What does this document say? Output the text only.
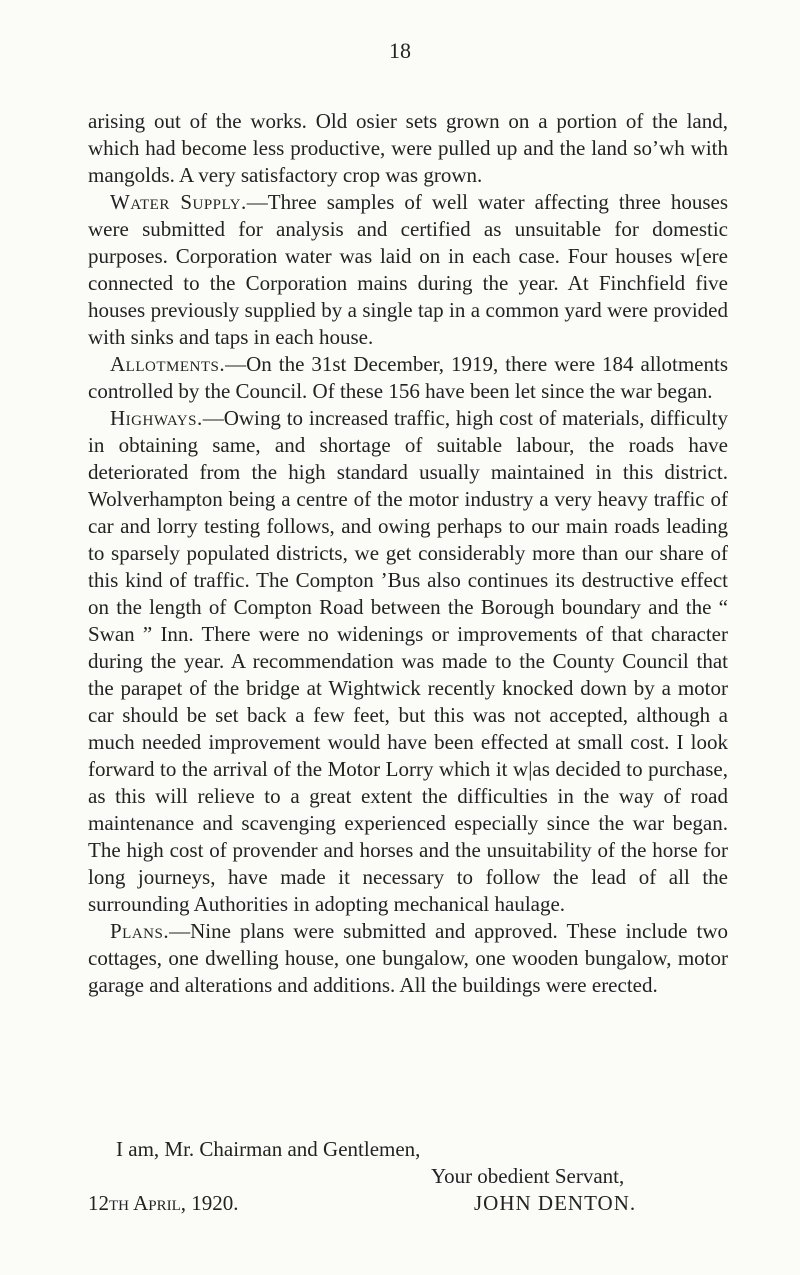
18

arising out of the works. Old osier sets grown on a portion of the land, which had become less productive, were pulled up and the land so’wh with mangolds. A very satisfactory crop was grown.

Water Supply.—Three samples of well water affecting three houses were submitted for analysis and certified as unsuitable for domestic purposes. Corporation water was laid on in each case. Four houses w[ere connected to the Corporation mains during the year. At Finchfield five houses previously supplied by a single tap in a common yard were provided with sinks and taps in each house.

Allotments.—On the 31st December, 1919, there were 184 allotments controlled by the Council. Of these 156 have been let since the war began.

Highways.—Owing to increased traffic, high cost of materials, difficulty in obtaining same, and shortage of suitable labour, the roads have deteriorated from the high standard usually maintained in this district. Wolverhampton being a centre of the motor industry a very heavy traffic of car and lorry testing follows, and owing perhaps to our main roads leading to sparsely populated districts, we get considerably more than our share of this kind of traffic. The Compton ’Bus also continues its destructive effect on the length of Compton Road between the Borough boundary and the “ Swan ” Inn. There were no widenings or improvements of that character during the year. A recommendation was made to the County Council that the parapet of the bridge at Wightwick recently knocked down by a motor car should be set back a few feet, but this was not accepted, although a much needed improvement would have been effected at small cost. I look forward to the arrival of the Motor Lorry which it w|as decided to purchase, as this will relieve to a great extent the difficulties in the way of road maintenance and scavenging experienced especially since the war began. The high cost of provender and horses and the unsuitability of the horse for long journeys, have made it necessary to follow the lead of all the surrounding Authorities in adopting mechanical haulage.

Plans.—Nine plans were submitted and approved. These include two cottages, one dwelling house, one bungalow, one wooden bungalow, motor garage and alterations and additions. All the buildings were erected.

I am, Mr. Chairman and Gentlemen,
Your obedient Servant,
12th April, 1920.	JOHN DENTON.
